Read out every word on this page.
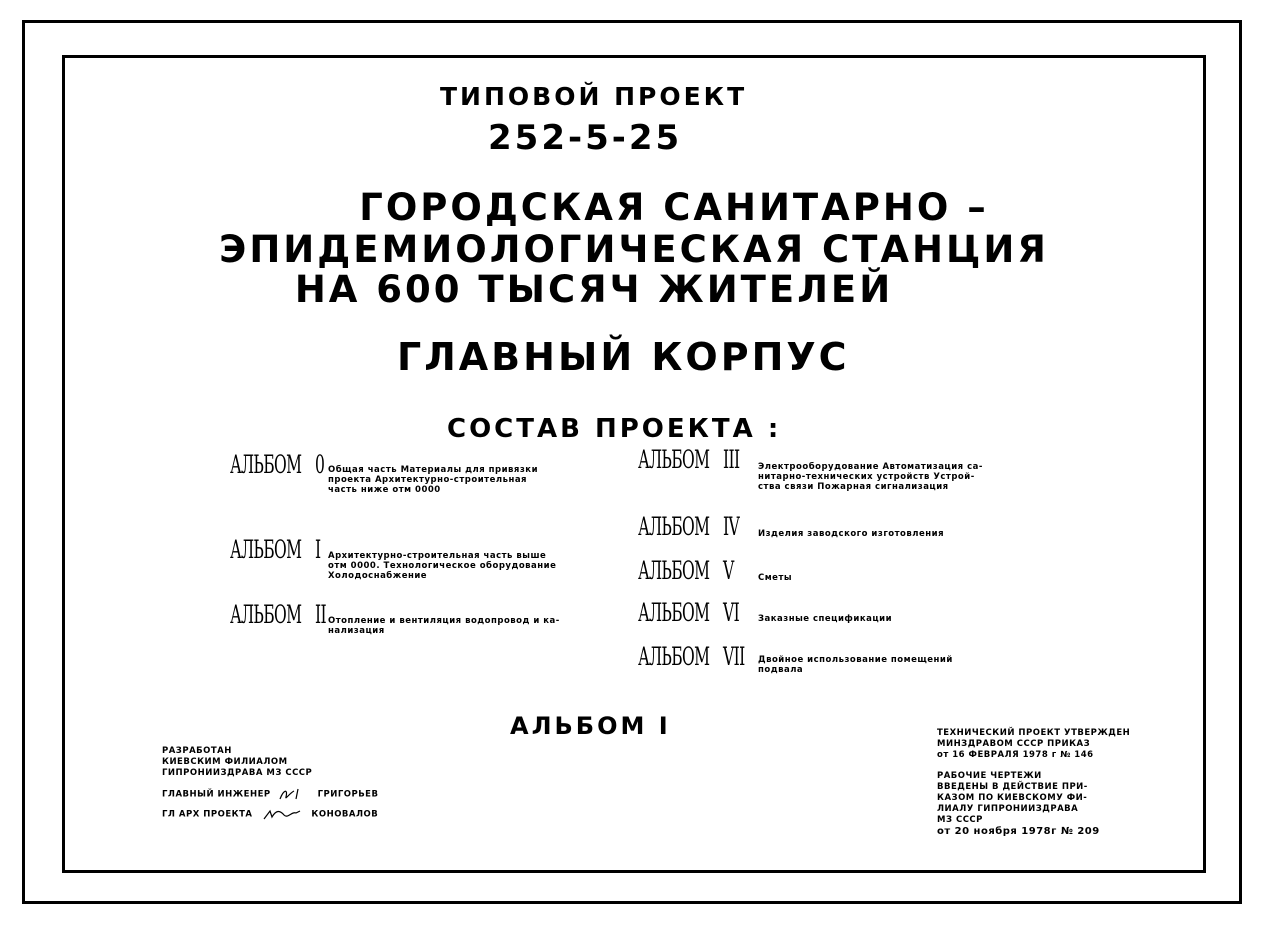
ТИПОВОЙ ПРОЕКТ
252-5-25
ГОРОДСКАЯ САНИТАРНО –
ЭПИДЕМИОЛОГИЧЕСКАЯ СТАНЦИЯ
НА 600 ТЫСЯЧ ЖИТЕЛЕЙ
ГЛАВНЫЙ КОРПУС
СОСТАВ ПРОЕКТА :
АЛЬБОМ 0 Общая часть Материалы для привязки
проекта Архитектурно-строительная
часть ниже отм 0000
АЛЬБОМ I Архитектурно-строительная часть выше
отм 0000. Технологическое оборудование
Холодоснабжение
АЛЬБОМ II Отопление и вентиляция водопровод и ка-
нализация
АЛЬБОМ III Электрооборудование Автоматизация са-
нитарно-технических устройств Устрой-
ства связи Пожарная сигнализация
АЛЬБОМ IV Изделия заводского изготовления
АЛЬБОМ V	Сметы
АЛЬБОМ VI Заказные спецификации
АЛЬБОМ VII Двойное использование помещений
подвала
АЛЬБОМ I
РАЗРАБОТАН
КИЕВСКИМ ФИЛИАЛОМ
ГИПРОНИИЗДРАВА МЗ СССР
ГЛАВНЫЙ ИНЖЕНЕР	ГРИГОРЬЕВ
ГЛ АРХ ПРОЕКТА	КОНОВАЛОВ
ТЕХНИЧЕСКИЙ ПРОЕКТ УТВЕРЖДЕН
МИНЗДРАВОМ СССР ПРИКАЗ
от 16 ФЕВРАЛЯ 1978 г № 146
РАБОЧИЕ ЧЕРТЕЖИ
ВВЕДЕНЫ В ДЕЙСТВИЕ ПРИ-
КАЗОМ ПО КИЕВСКОМУ ФИ-
ЛИАЛУ ГИПРОНИИЗДРАВА
МЗ СССР
от 20 ноября 1978г № 209
